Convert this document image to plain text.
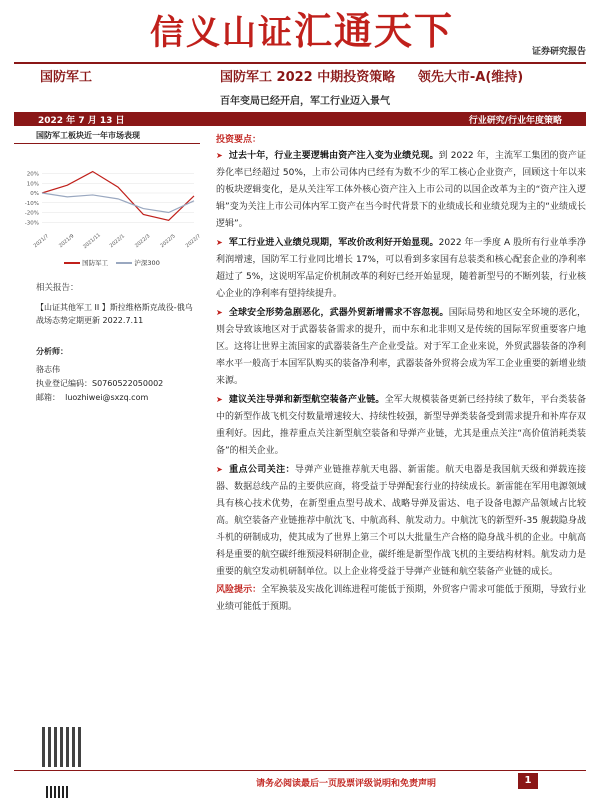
信义山证汇通天下	证券研究报告
国防军工	国防军工 2022 中期投资策略 领先大市-A(维持)
百年变局已经开启，军工行业迈入景气
2022 年 7 月 13 日	行业研究/行业年度策略
国防军工板块近一年市场表现
20%
10%
0%
-10%
-20%
-30%
2021/7 2021/9 2021/11 2022/1 2022/3 2022/5 2022/7
国防军工	沪深300
相关报告：
【山证其他军工 II 】斯拉维格斯克战役-俄乌战场态势定期更新 2022.7.11
分析师：
骆志伟
执业登记编码：S0760522050002
邮箱： luozhiwei@sxzq.com
投资要点：

➤ 过去十年，行业主要逻辑由资产注入变为业绩兑现。到 2022 年，主流军工集团的资产证券化率已经超过 50%，上市公司体内已经有为数不少的军工核心企业资产，回顾这十年以来的板块逻辑变化，是从关注军工体外核心资产注入上市公司的以国企改革为主的“资产注入逻辑”变为关注上市公司体内军工资产在当今时代背景下的业绩成长和业绩兑现为主的“业绩成长逻辑”。

➤ 军工行业进入业绩兑现期，军改价改利好开始显现。2022 年一季度 A 股所有行业单季净利润增速，国防军工行业同比增长 17%，可以看到多家国有总装类和核心配套企业的净利率超过了 5%，这说明军品定价机制改革的利好已经开始显现，随着新型号的不断列装，行业核心企业的净利率有望持续提升。

➤ 全球安全形势急剧恶化，武器外贸新增需求不容忽视。国际局势和地区安全环境的恶化，则会导致该地区对于武器装备需求的提升，而中东和北非则又是传统的国际军贸重要客户地区。这将让世界主流国家的武器装备生产企业受益。对于军工企业来说，外贸武器装备的净利率水平一般高于本国军队购买的装备净利率，武器装备外贸将会成为军工企业重要的新增业绩来源。

➤ 建议关注导弹和新型航空装备产业链。全军大规模装备更新已经持续了数年，平台类装备中的新型作战飞机交付数量增速较大、持续性较强，新型导弹类装备受到需求提升和补库存双重利好。因此，推荐重点关注新型航空装备和导弹产业链，尤其是重点关注“高价值消耗类装备”的相关企业。

➤ 重点公司关注：导弹产业链推荐航天电器、新雷能。航天电器是我国航天级和弹载连接器、数据总线产品的主要供应商，将受益于导弹配套行业的持续成长。新雷能在军用电源领域具有核心技术优势，在新型重点型号战术、战略导弹及雷达、电子设备电源产品领域占比较高。航空装备产业链推荐中航沈飞、中航高科、航发动力。中航沈飞的新型歼-35 舰载隐身战斗机的研制成功，使其成为了世界上第三个可以大批量生产合格的隐身战斗机的企业。中航高科是重要的航空碳纤维预浸料研制企业，碳纤维是新型作战飞机的主要结构材料。航发动力是重要的航空发动机研制单位。以上企业将受益于导弹产业链和航空装备产业链的成长。

风险提示：全军换装及实战化训练进程可能低于预期，外贸客户需求可能低于预期，导致行业业绩可能低于预期。

请务必阅读最后一页股票评级说明和免责声明	1
